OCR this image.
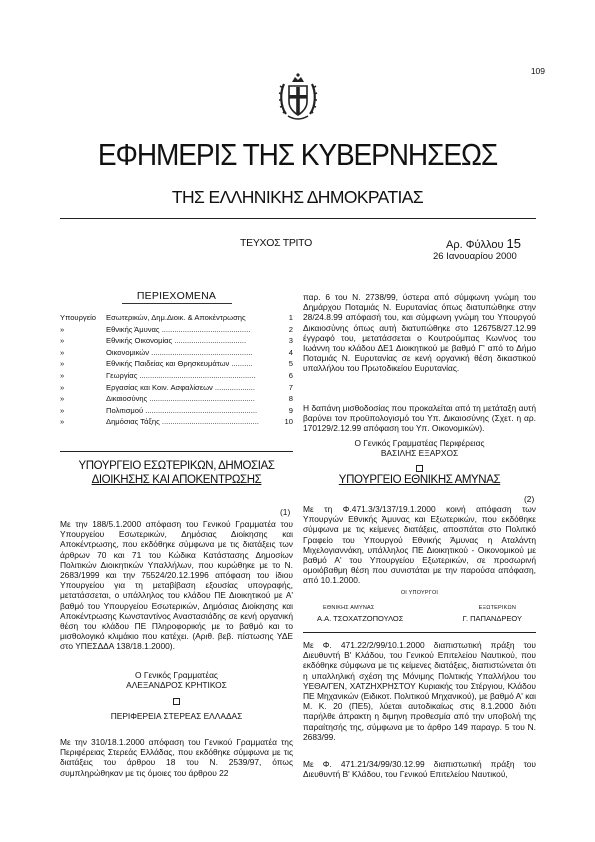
109
ΕΦΗΜΕΡΙΣ ΤΗΣ ΚΥΒΕΡΝΗΣΕΩΣ
ΤΗΣ ΕΛΛΗΝΙΚΗΣ ΔΗΜΟΚΡΑΤΙΑΣ
ΤΕΥΧΟΣ ΤΡΙΤΟ	Αρ. Φύλλου 15
26 Ιανουαρίου 2000
ΠΕΡΙΕΧΟΜΕΝΑ
Υπουργείο	Εσωτερικών, Δημ.Διοικ. & Αποκέντρωσης	1
»	Εθνικής Άμυνας ..........................................	2
»	Εθνικής Οικονομίας ..................................	3
»	Οικονομικών ................................................	4
»	Εθνικής Παιδείας και Θρησκευμάτων ..........	5
»	Γεωργίας .......................................................	6
»	Εργασίας και Κοιν. Ασφαλίσεων ...................	7
»	Δικαιοσύνης ..................................................	8
»	Πολιτισμού .....................................................	9
»	Δημόσιας Τάξης ..............................................	10
ΥΠΟΥΡΓΕΙΟ ΕΣΩΤΕΡΙΚΩΝ, ΔΗΜΟΣΙΑΣ
ΔΙΟΙΚΗΣΗΣ ΚΑΙ ΑΠΟΚΕΝΤΡΩΣΗΣ
(1)
Με την 188/5.1.2000 απόφαση του Γενικού Γραμματέα του Υπουργείου Εσωτερικών, Δημόσιας Διοίκησης και Αποκέντρωσης, που εκδόθηκε σύμφωνα με τις διατάξεις των άρθρων 70 και 71 του Κώδικα Κατάστασης Δημοσίων Πολιτικών Διοικητικών Υπαλλήλων, που κυρώθηκε με το Ν. 2683/1999 και την 75524/20.12.1996 απόφαση του ίδιου Υπουργείου για τη μεταβίβαση εξουσίας υπογραφής, μετατάσσεται, ο υπάλληλος του κλάδου ΠΕ Διοικητικού με Α' βαθμό του Υπουργείου Εσωτερικών, Δημόσιας Διοίκησης και Αποκέντρωσης Κωνσταντίνος Αναστασιάδης σε κενή οργανική θέση του κλάδου ΠΕ Πληροφορικής με το βαθμό και το μισθολογικό κλιμάκιο που κατέχει. (Αριθ. βεβ. πίστωσης ΥΔΕ στο ΥΠΕΣΔΔΑ 138/18.1.2000).
Ο Γενικός Γραμματέας
ΑΛΕΞΑΝΔΡΟΣ ΚΡΗΤΙΚΟΣ
ΠΕΡΙΦΕΡΕΙΑ ΣΤΕΡΕΑΣ ΕΛΛΑΔΑΣ
Με την 310/18.1.2000 απόφαση του Γενικού Γραμματέα της Περιφέρειας Στερεάς Ελλάδας, που εκδόθηκε σύμφωνα με τις διατάξεις του άρθρου 18 του Ν. 2539/97, όπως συμπληρώθηκαν με τις όμοιες του άρθρου 22
παρ. 6 του Ν. 2738/99, ύστερα από σύμφωνη γνώμη του Δημάρχου Ποταμιάς Ν. Ευρυτανίας όπως διατυπώθηκε στην 28/24.8.99 απόφασή του, και σύμφωνη γνώμη του Υπουργού Δικαιοσύνης όπως αυτή διατυπώθηκε στο 126758/27.12.99 έγγραφό του, μετατάσσεται ο Κουτρούμπας Κων/νος του Ιωάννη του κλάδου ΔΕ1 Διοικητικού με βαθμό Γ' από το Δήμο Ποταμιάς Ν. Ευρυτανίας σε κενή οργανική θέση δικαστικού υπαλλήλου του Πρωτοδικείου Ευρυτανίας.
Η δαπάνη μισθοδοσίας που προκαλείται από τη μετάταξη αυτή βαρύνει τον προϋπολογισμό του Υπ. Δικαιοσύνης (Σχετ. η αρ. 170129/2.12.99 απόφαση του Υπ. Οικονομικών).
Ο Γενικός Γραμματέας Περιφέρειας
ΒΑΣΙΛΗΣ ΕΞΑΡΧΟΣ
ΥΠΟΥΡΓΕΙΟ ΕΘΝΙΚΗΣ ΑΜΥΝΑΣ
(2)
Με τη Φ.471.3/3/137/19.1.2000 κοινή απόφαση των Υπουργών Εθνικής Άμυνας και Εξωτερικών, που εκδόθηκε σύμφωνα με τις κείμενες διατάξεις, αποσπάται στο Πολιτικό Γραφείο του Υπουργού Εθνικής Άμυνας η Αταλάντη Μιχελογιαννάκη, υπάλληλος ΠΕ Διοικητικού - Οικονομικού με βαθμό Α' του Υπουργείου Εξωτερικών, σε προσωρινή ομοιόβαθμη θέση που συνιστάται με την παρούσα απόφαση, από 10.1.2000.
ΟΙ ΥΠΟΥΡΓΟΙ
ΕΘΝΙΚΗΣ ΑΜΥΝΑΣ	ΕΞΩΤΕΡΙΚΩΝ
Α.Α. ΤΣΟΧΑΤΖΟΠΟΥΛΟΣ	Γ. ΠΑΠΑΝΔΡΕΟΥ
Με Φ. 471.22/2/99/10.1.2000 διαπιστωτική πράξη του Διευθυντή Β' Κλάδου, του Γενικού Επιτελείου Ναυτικού, που εκδόθηκε σύμφωνα με τις κείμενες διατάξεις, διαπιστώνεται ότι η υπαλληλική σχέση της Μόνιμης Πολιτικής Υπαλλήλου του ΥΕΘΑ/ΓΕΝ, ΧΑΤΖΗΧΡΗΣΤΟΥ Κυριακής του Στέργιου, Κλάδου ΠΕ Μηχανικών (Ειδικοτ. Πολιτικού Μηχανικού), με βαθμό Α' και Μ. Κ. 20 (ΠΕ5), λύεται αυτοδικαίως στις 8.1.2000 διότι παρήλθε άπρακτη η διμηνη προθεσμία από την υποβολή της παραίτησής της, σύμφωνα με το άρθρο 149 παραγρ. 5 του Ν. 2683/99.
Με Φ. 471.21/34/99/30.12.99 διαπιστωτική πράξη του Διευθυντή Β' Κλάδου, του Γενικού Επιτελείου Ναυτικού,
